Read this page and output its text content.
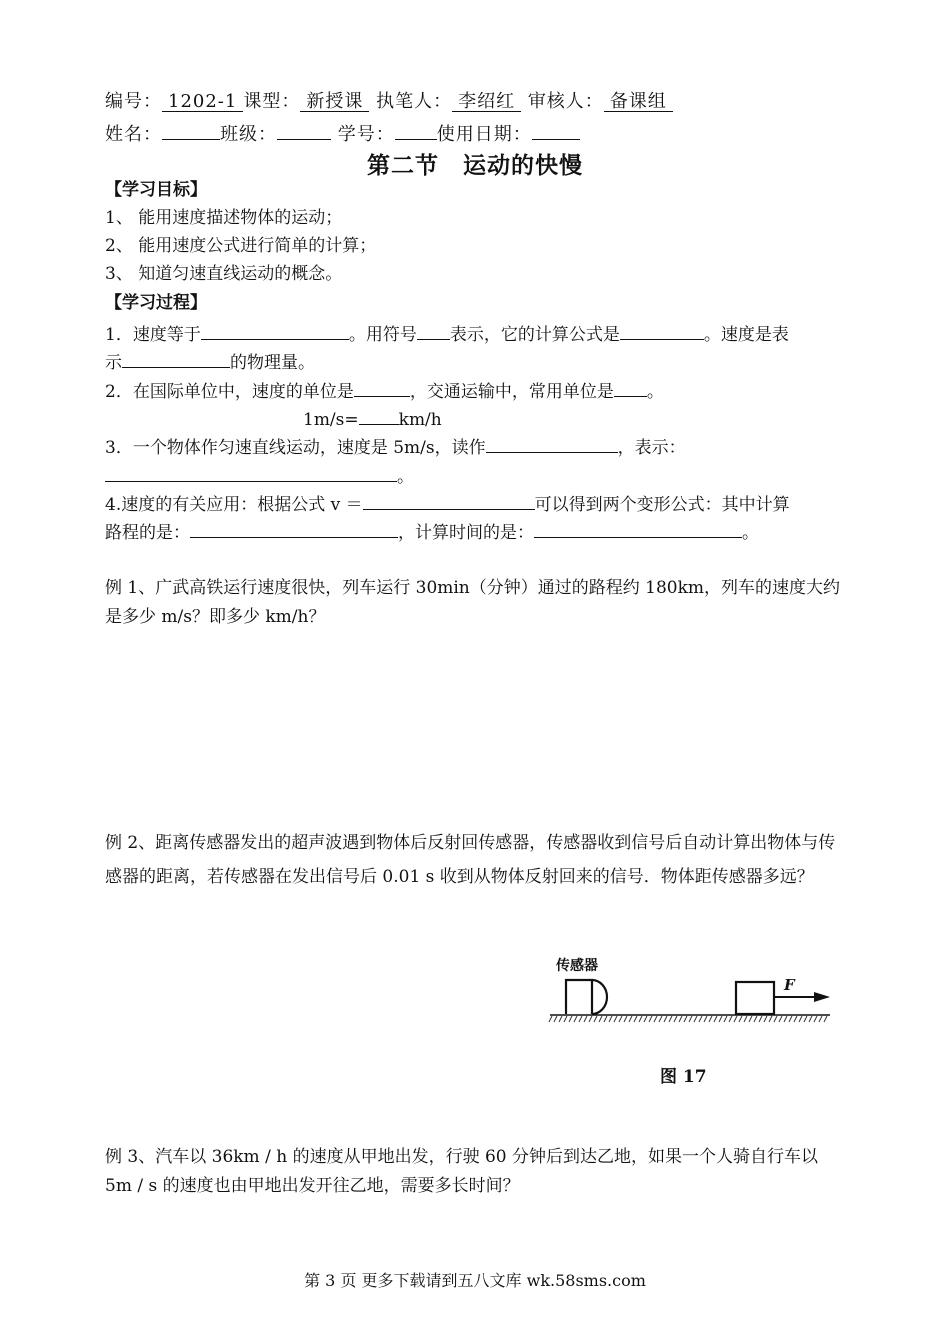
编号： 1202-1 课型： 新授课 执笔人： 李绍红 审核人： 备课组
姓名：	班级：	学号： 使用日期：
第二节　运动的快慢
【学习目标】
1、 能用速度描述物体的运动；
2、 能用速度公式进行简单的计算；
3、 知道匀速直线运动的概念。
【学习过程】
1．速度等于	。用符号 表示，它的计算公式是	。速度是表
示	的物理量。
2．在国际单位中，速度的单位是	，交通运输中，常用单位是 。
1m/s= km/h
3．一个物体作匀速直线运动，速度是 5m/s，读作	，表示：
。
4.速度的有关应用：根据公式 v ＝	可以得到两个变形公式：其中计算
路程的是：	，计算时间的是：	。
例 1、广武高铁运行速度很快，列车运行 30min（分钟）通过的路程约 180km，列车的速度大约是多少 m/s？即多少 km/h？
例 2、距离传感器发出的超声波遇到物体后反射回传感器，传感器收到信号后自动计算出物体与传感器的距离，若传感器在发出信号后 0.01 s 收到从物体反射回来的信号．物体距传感器多远？
传感器
F
图 17
例 3、汽车以 36km / h 的速度从甲地出发，行驶 60 分钟后到达乙地，如果一个人骑自行车以 5m / s 的速度也由甲地出发开往乙地，需要多长时间？
第 3 页 更多下载请到五八文库 wk.58sms.com
